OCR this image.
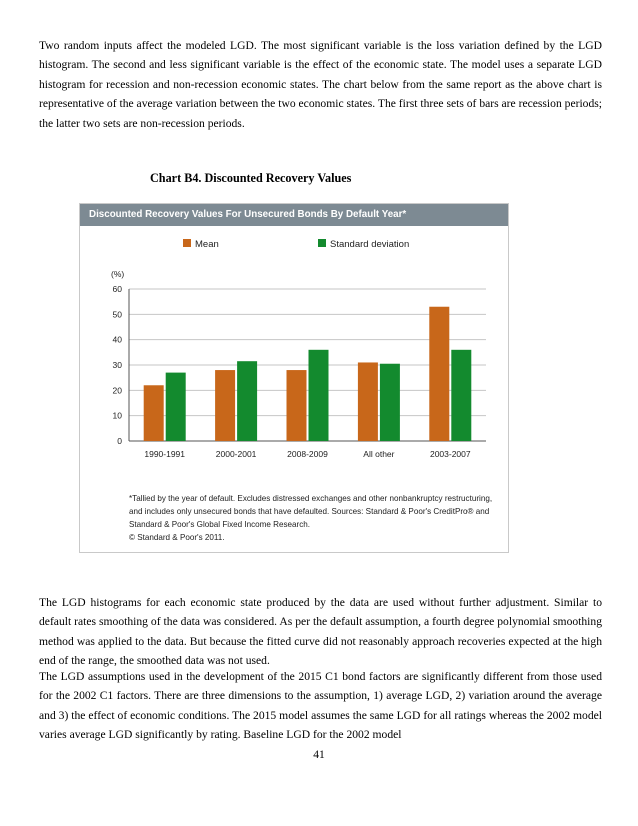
Two random inputs affect the modeled LGD. The most significant variable is the loss variation defined by the LGD histogram. The second and less significant variable is the effect of the economic state. The model uses a separate LGD histogram for recession and non-recession economic states. The chart below from the same report as the above chart is representative of the average variation between the two economic states. The first three sets of bars are recession periods; the latter two sets are non-recession periods.

Chart B4. Discounted Recovery Values

Discounted Recovery Values For Unsecured Bonds By Default Year*
Mean	Standard deviation
(%)
0
10
20
30
40
50
60
1990-1991	2000-2001	2008-2009	All other	2003-2007

*Tallied by the year of default. Excludes distressed exchanges and other nonbankruptcy restructuring, and includes only unsecured bonds that have defaulted. Sources: Standard & Poor's CreditPro® and Standard & Poor's Global Fixed Income Research.

© Standard & Poor's 2011.

The LGD histograms for each economic state produced by the data are used without further adjustment. Similar to default rates smoothing of the data was considered. As per the default assumption, a fourth degree polynomial smoothing method was applied to the data. But because the fitted curve did not reasonably approach recoveries expected at the high end of the range, the smoothed data was not used.

The LGD assumptions used in the development of the 2015 C1 bond factors are significantly different from those used for the 2002 C1 factors. There are three dimensions to the assumption, 1) average LGD, 2) variation around the average and 3) the effect of economic conditions. The 2015 model assumes the same LGD for all ratings whereas the 2002 model varies average LGD significantly by rating. Baseline LGD for the 2002 model

41
